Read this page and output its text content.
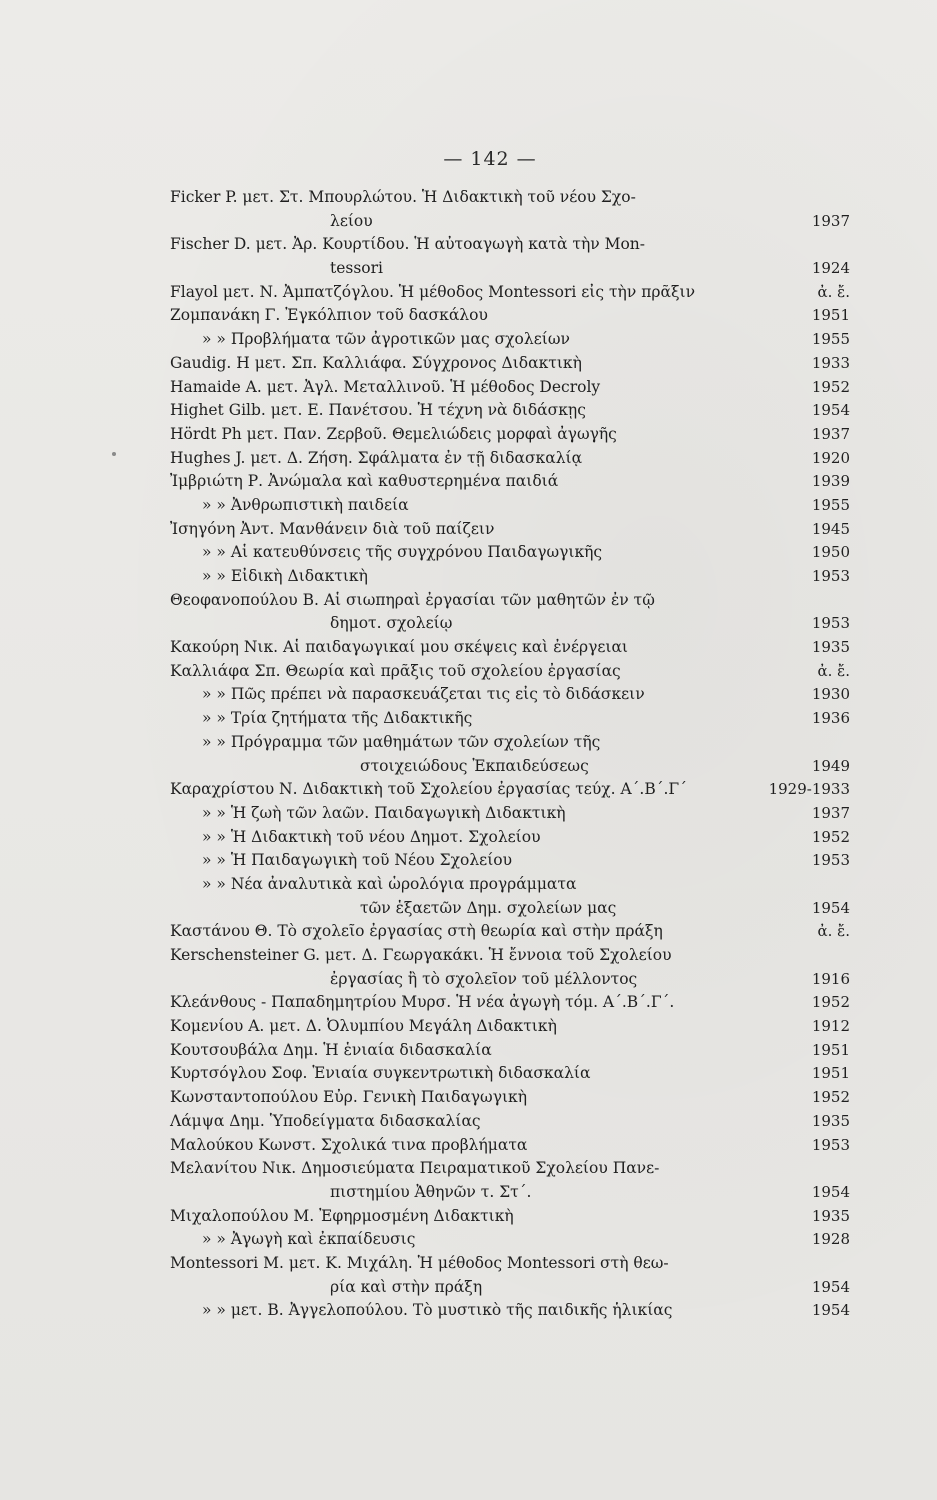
— 142 —
Ficker P. μετ. Στ. Μπουρλώτου. Ἡ Διδακτικὴ τοῦ νέου Σχο-
λείου	1937
Fischer D. μετ. Ἀρ. Κουρτίδου. Ἡ αὐτοαγωγὴ κατὰ τὴν Mon-
tessori	1924
Flayol μετ. Ν. Ἀμπατζόγλου. Ἡ μέθοδος Montessori εἰς τὴν πρᾶξιν	ἀ. ἔ.
Ζομπανάκη Γ. Ἐγκόλπιον τοῦ δασκάλου	1951
» » Προβλήματα τῶν ἀγροτικῶν μας σχολείων	1955
Gaudig. H μετ. Σπ. Καλλιάφα. Σύγχρονος Διδακτικὴ	1933
Hamaide A. μετ. Ἀγλ. Μεταλλινοῦ. Ἡ μέθοδος Decroly	1952
Highet Gilb. μετ. Ε. Πανέτσου. Ἡ τέχνη νὰ διδάσκῃς	1954
Hördt Ph μετ. Παν. Ζερβοῦ. Θεμελιώδεις μορφαὶ ἀγωγῆς	1937
Hughes J. μετ. Δ. Ζήση. Σφάλματα ἐν τῇ διδασκαλίᾳ	1920
Ἰμβριώτη Ρ. Ἀνώμαλα καὶ καθυστερημένα παιδιά	1939
» » Ἀνθρωπιστικὴ παιδεία	1955
Ἰσηγόνη Ἀντ. Μανθάνειν διὰ τοῦ παίζειν	1945
» » Αἱ κατευθύνσεις τῆς συγχρόνου Παιδαγωγικῆς	1950
» » Εἰδικὴ Διδακτικὴ	1953
Θεοφανοπούλου Β. Αἱ σιωπηραὶ ἐργασίαι τῶν μαθητῶν ἐν τῷ
δημοτ. σχολείῳ	1953
Κακούρη Νικ. Αἱ παιδαγωγικαί μου σκέψεις καὶ ἐνέργειαι	1935
Καλλιάφα Σπ. Θεωρία καὶ πρᾶξις τοῦ σχολείου ἐργασίας	ἀ. ἔ.
» » Πῶς πρέπει νὰ παρασκευάζεται τις εἰς τὸ διδάσκειν	1930
» » Τρία ζητήματα τῆς Διδακτικῆς	1936
» » Πρόγραμμα τῶν μαθημάτων τῶν σχολείων τῆς
στοιχειώδους Ἐκπαιδεύσεως	1949
Καραχρίστου Ν. Διδακτικὴ τοῦ Σχολείου ἐργασίας τεύχ. Α΄.Β΄.Γ΄	1929-1933
» » Ἡ ζωὴ τῶν λαῶν. Παιδαγωγικὴ Διδακτικὴ	1937
» » Ἡ Διδακτικὴ τοῦ νέου Δημοτ. Σχολείου	1952
» » Ἡ Παιδαγωγικὴ τοῦ Νέου Σχολείου	1953
» » Νέα ἀναλυτικὰ καὶ ὡρολόγια προγράμματα
τῶν ἑξαετῶν Δημ. σχολείων μας	1954
Καστάνου Θ. Τὸ σχολεῖο ἐργασίας στὴ θεωρία καὶ στὴν πράξη	ἀ. ἔ.
Kerschensteiner G. μετ. Δ. Γεωργακάκι. Ἡ ἔννοια τοῦ Σχολείου
ἐργασίας ἢ τὸ σχολεῖον τοῦ μέλλοντος	1916
Κλεάνθους - Παπαδημητρίου Μυρσ. Ἡ νέα ἀγωγὴ τόμ. Α΄.Β΄.Γ΄.	1952
Κομενίου Α. μετ. Δ. Ὀλυμπίου Μεγάλη Διδακτικὴ	1912
Κουτσουβάλα Δημ. Ἡ ἑνιαία διδασκαλία	1951
Κυρτσόγλου Σοφ. Ἑνιαία συγκεντρωτικὴ διδασκαλία	1951
Κωνσταντοπούλου Εὐρ. Γενικὴ Παιδαγωγικὴ	1952
Λάμψα Δημ. Ὑποδείγματα διδασκαλίας	1935
Μαλούκου Κωνστ. Σχολικά τινα προβλήματα	1953
Μελανίτου Νικ. Δημοσιεύματα Πειραματικοῦ Σχολείου Πανε-
πιστημίου Ἀθηνῶν τ. Στ΄.	1954
Μιχαλοπούλου Μ. Ἐφηρμοσμένη Διδακτικὴ	1935
» » Ἀγωγὴ καὶ ἐκπαίδευσις	1928
Montessori M. μετ. Κ. Μιχάλη. Ἡ μέθοδος Montessori στὴ θεω-
ρία καὶ στὴν πράξη	1954
» » μετ. Β. Ἀγγελοπούλου. Τὸ μυστικὸ τῆς παιδικῆς ἡλικίας	1954
